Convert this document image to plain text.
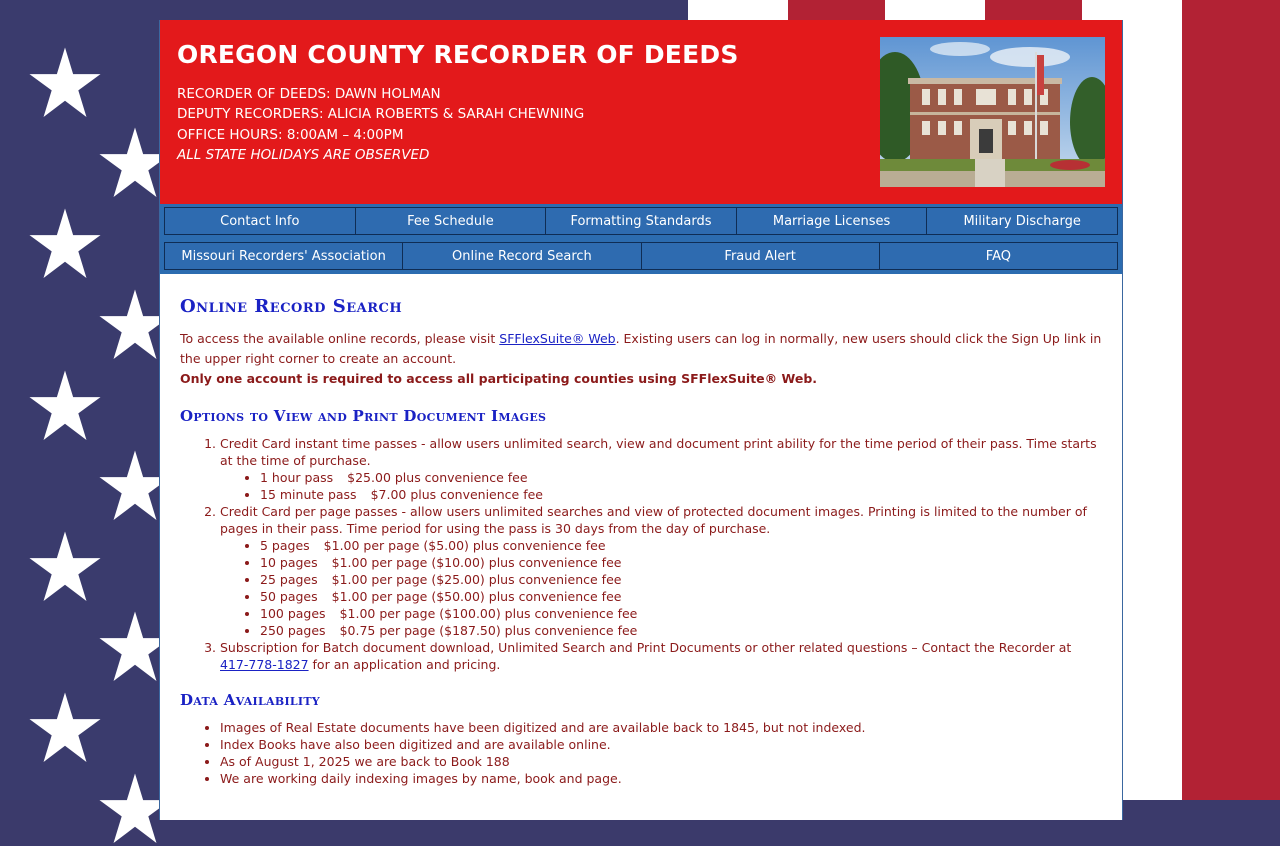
OREGON COUNTY RECORDER OF DEEDS
RECORDER OF DEEDS: DAWN HOLMAN
DEPUTY RECORDERS: ALICIA ROBERTS & SARAH CHEWNING
OFFICE HOURS: 8:00AM – 4:00PM
ALL STATE HOLIDAYS ARE OBSERVED
Contact Info	Fee Schedule	Formatting Standards	Marriage Licenses	Military Discharge
Missouri Recorders' Association	Online Record Search	Fraud Alert	FAQ
Online Record Search

To access the available online records, please visit SFFlexSuite® Web. Existing users can log in normally, new users should click the Sign Up link in the upper right corner to create an account.

Only one account is required to access all participating counties using SFFlexSuite® Web.

Options to View and Print Document Images
1. Credit Card instant time passes - allow users unlimited search, view and document print ability for the time period of their pass. Time starts at the time of purchase.
• 1 hour pass $25.00 plus convenience fee
• 15 minute pass $7.00 plus convenience fee
2. Credit Card per page passes - allow users unlimited searches and view of protected document images. Printing is limited to the number of pages in their pass. Time period for using the pass is 30 days from the day of purchase.
• 5 pages $1.00 per page ($5.00) plus convenience fee
• 10 pages $1.00 per page ($10.00) plus convenience fee
• 25 pages $1.00 per page ($25.00) plus convenience fee
• 50 pages $1.00 per page ($50.00) plus convenience fee
• 100 pages $1.00 per page ($100.00) plus convenience fee
• 250 pages $0.75 per page ($187.50) plus convenience fee
3. Subscription for Batch document download, Unlimited Search and Print Documents or other related questions – Contact the Recorder at 417-778-1827 for an application and pricing.
Data Availability
• Images of Real Estate documents have been digitized and are available back to 1845, but not indexed.
• Index Books have also been digitized and are available online.
• As of August 1, 2025 we are back to Book 188
• We are working daily indexing images by name, book and page.
